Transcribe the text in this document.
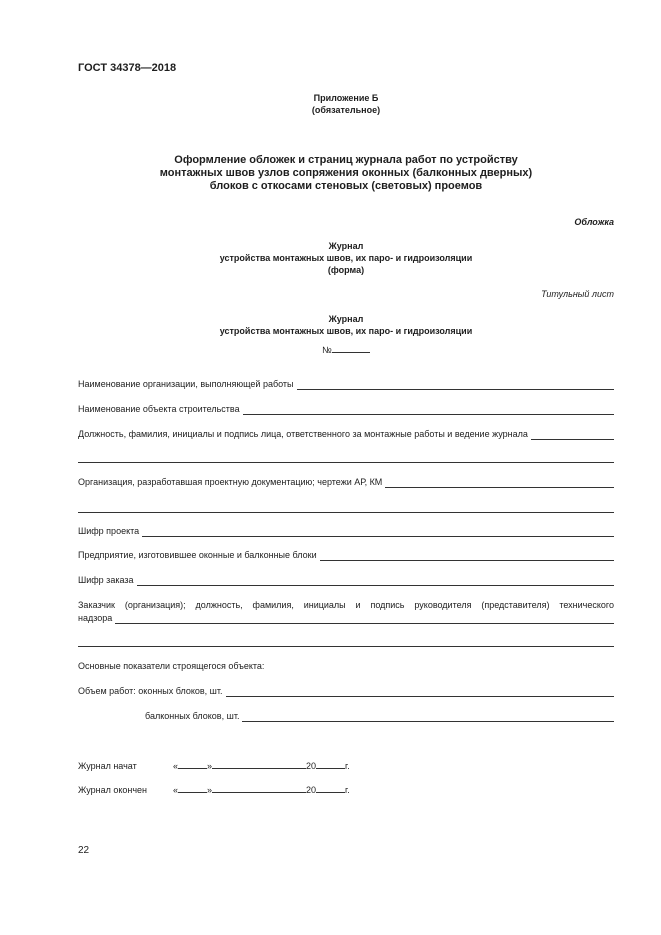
ГОСТ 34378—2018
Приложение Б
(обязательное)
Оформление обложек и страниц журнала работ по устройству
монтажных швов узлов сопряжения оконных (балконных дверных)
блоков с откосами стеновых (световых) проемов
Обложка
Журнал
устройства монтажных швов, их паро- и гидроизоляции
(форма)
Титульный лист
Журнал
устройства монтажных швов, их паро- и гидроизоляции
№
Наименование организации, выполняющей работы
Наименование объекта строительства
Должность, фамилия, инициалы и подпись лица, ответственного за монтажные работы и ведение журнала
Организация, разработавшая проектную документацию; чертежи АР, КМ
Шифр проекта
Предприятие, изготовившее оконные и балконные блоки
Шифр заказа
Заказчик (организация); должность, фамилия, инициалы и подпись руководителя (представителя) технического
надзора
Основные показатели строящегося объекта:
Объем работ: оконных блоков, шт.
балконных блоков, шт.
Журнал начат	«	»	20	г.
Журнал окончен	«	»	20	г.
22
